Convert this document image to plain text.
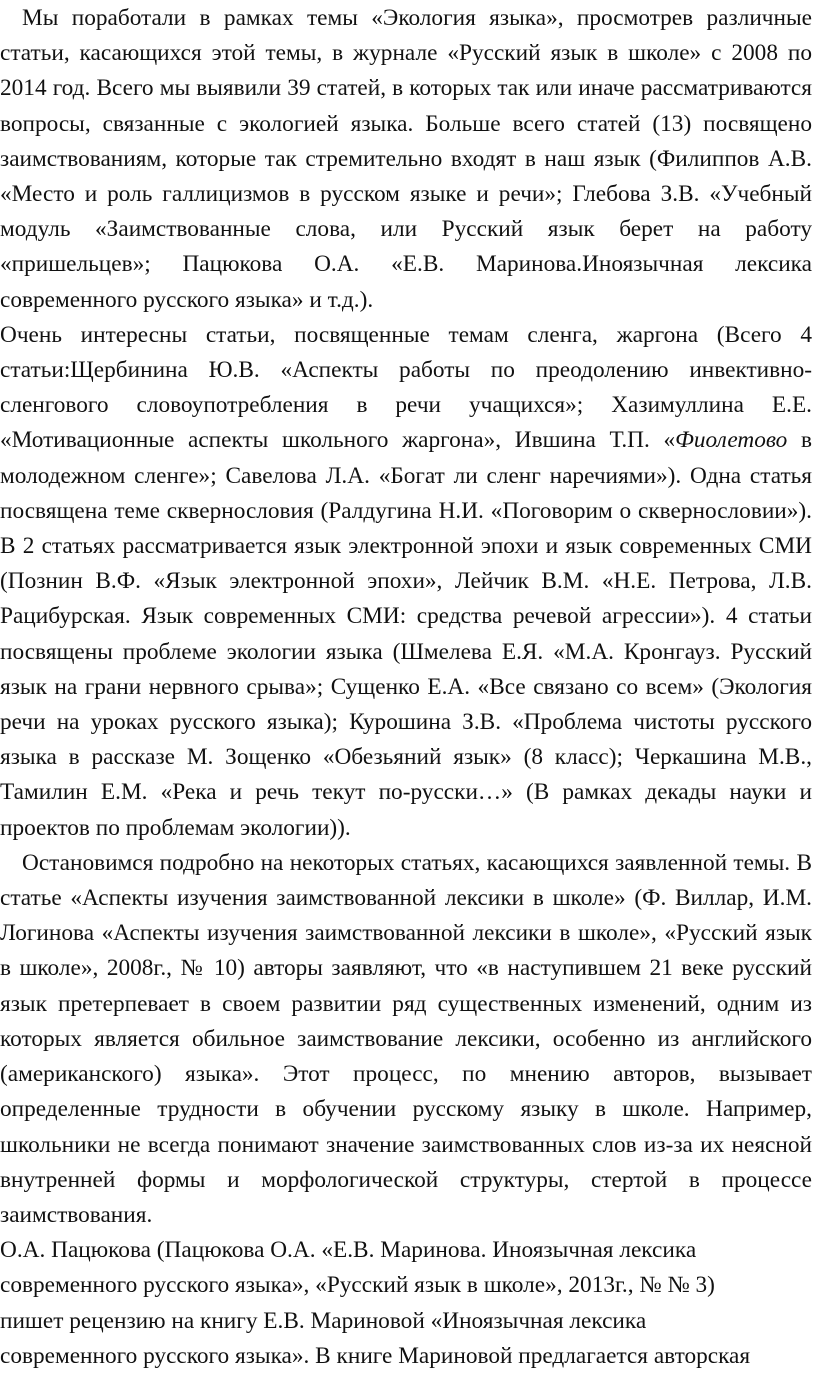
Мы поработали в рамках темы «Экология языка», просмотрев различные статьи, касающихся этой темы, в журнале «Русский язык в школе» с 2008 по 2014 год. Всего мы выявили 39 статей, в которых так или иначе рассматриваются вопросы, связанные с экологией языка. Больше всего статей (13) посвящено заимствованиям, которые так стремительно входят в наш язык (Филиппов А.В. «Место и роль галлицизмов в русском языке и речи»; Глебова З.В. «Учебный модуль «Заимствованные слова, или Русский язык берет на работу «пришельцев»; Пацюкова О.А. «Е.В. Маринова.Иноязычная лексика современного русского языка» и т.д.).

Очень интересны статьи, посвященные темам сленга, жаргона (Всего 4 статьи:Щербинина Ю.В. «Аспекты работы по преодолению инвективно-сленгового словоупотребления в речи учащихся»; Хазимуллина Е.Е. «Мотивационные аспекты школьного жаргона», Ившина Т.П. «Фиолетово в молодежном сленге»; Савелова Л.А. «Богат ли сленг наречиями»). Одна статья посвящена теме сквернословия (Ралдугина Н.И. «Поговорим о сквернословии»). В 2 статьях рассматривается язык электронной эпохи и язык современных СМИ (Познин В.Ф. «Язык электронной эпохи», Лейчик В.М. «Н.Е. Петрова, Л.В. Рацибурская. Язык современных СМИ: средства речевой агрессии»). 4 статьи посвящены проблеме экологии языка (Шмелева Е.Я. «М.А. Кронгауз. Русский язык на грани нервного срыва»; Сущенко Е.А. «Все связано со всем» (Экология речи на уроках русского языка); Курошина З.В. «Проблема чистоты русского языка в рассказе М. Зощенко «Обезьяний язык» (8 класс); Черкашина М.В., Тамилин Е.М. «Река и речь текут по-русски…» (В рамках декады науки и проектов по проблемам экологии)).

Остановимся подробно на некоторых статьях, касающихся заявленной темы. В статье «Аспекты изучения заимствованной лексики в школе» (Ф. Виллар, И.М. Логинова «Аспекты изучения заимствованной лексики в школе», «Русский язык в школе», 2008г., № 10) авторы заявляют, что «в наступившем 21 веке русский язык претерпевает в своем развитии ряд существенных изменений, одним из которых является обильное заимствование лексики, особенно из английского (американского) языка». Этот процесс, по мнению авторов, вызывает определенные трудности в обучении русскому языку в школе. Например, школьники не всегда понимают значение заимствованных слов из-за их неясной внутренней формы и морфологической структуры, стертой в процессе заимствования.

О.А. Пацюкова (Пацюкова О.А. «Е.В. Маринова. Иноязычная лексика
современного русского языка», «Русский язык в школе», 2013г., № № 3)
пишет рецензию на книгу Е.В. Мариновой «Иноязычная лексика
современного русского языка». В книге Мариновой предлагается авторская
